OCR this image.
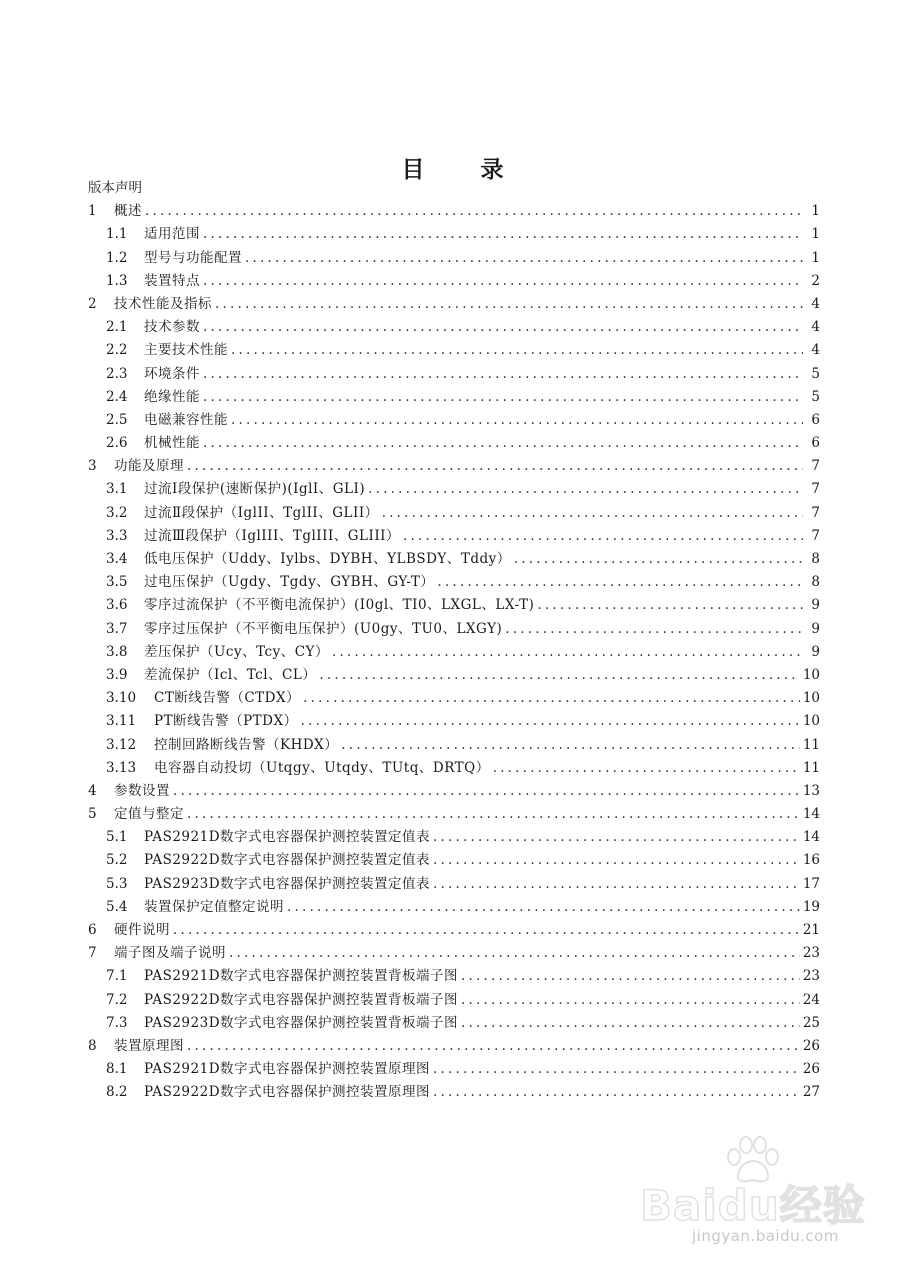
目 录
版本声明
1	概述 .....	1
1.1	适用范围 .....	1
1.2	型号与功能配置 .....	1
1.3	装置特点 .....	2
2	技术性能及指标 .....	4
2.1	技术参数 .....	4
2.2	主要技术性能 .....	4
2.3	环境条件 .....	5
2.4	绝缘性能 .....	5
2.5	电磁兼容性能 .....	6
2.6	机械性能 .....	6
3	功能及原理 .....	7
3.1	过流Ⅰ段保护(速断保护)(IglI、GLI) .....	7
3.2	过流Ⅱ段保护（IglII、TglII、GLII） .....	7
3.3	过流Ⅲ段保护（IglIII、TglIII、GLIII） .....	7
3.4	低电压保护（Uddy、Iylbs、DYBH、YLBSDY、Tddy） .....	8
3.5	过电压保护（Ugdy、Tgdy、GYBH、GY-T） .....	8
3.6	零序过流保护（不平衡电流保护）(I0gl、TI0、LXGL、LX-T) .....	9
3.7	零序过压保护（不平衡电压保护）(U0gy、TU0、LXGY) .....	9
3.8	差压保护（Ucy、Tcy、CY） .....	9
3.9	差流保护（Icl、Tcl、CL） .....	10
3.10	CT断线告警（CTDX） .....	10
3.11	PT断线告警（PTDX） .....	10
3.12	控制回路断线告警（KHDX） .....	11
3.13	电容器自动投切（Utqgy、Utqdy、TUtq、DRTQ） .....	11
4	参数设置 .....	13
5	定值与整定 .....	14
5.1	PAS2921D数字式电容器保护测控装置定值表 .....	14
5.2	PAS2922D数字式电容器保护测控装置定值表 .....	16
5.3	PAS2923D数字式电容器保护测控装置定值表 .....	17
5.4	装置保护定值整定说明 .....	19
6	硬件说明 .....	21
7	端子图及端子说明 .....	23
7.1	PAS2921D数字式电容器保护测控装置背板端子图 .....	23
7.2	PAS2922D数字式电容器保护测控装置背板端子图 .....	24
7.3	PAS2923D数字式电容器保护测控装置背板端子图 .....	25
8	装置原理图 .....	26
8.1	PAS2921D数字式电容器保护测控装置原理图 .....	26
8.2	PAS2922D数字式电容器保护测控装置原理图 .....	27
Baidu经验
jingyan.baidu.com
